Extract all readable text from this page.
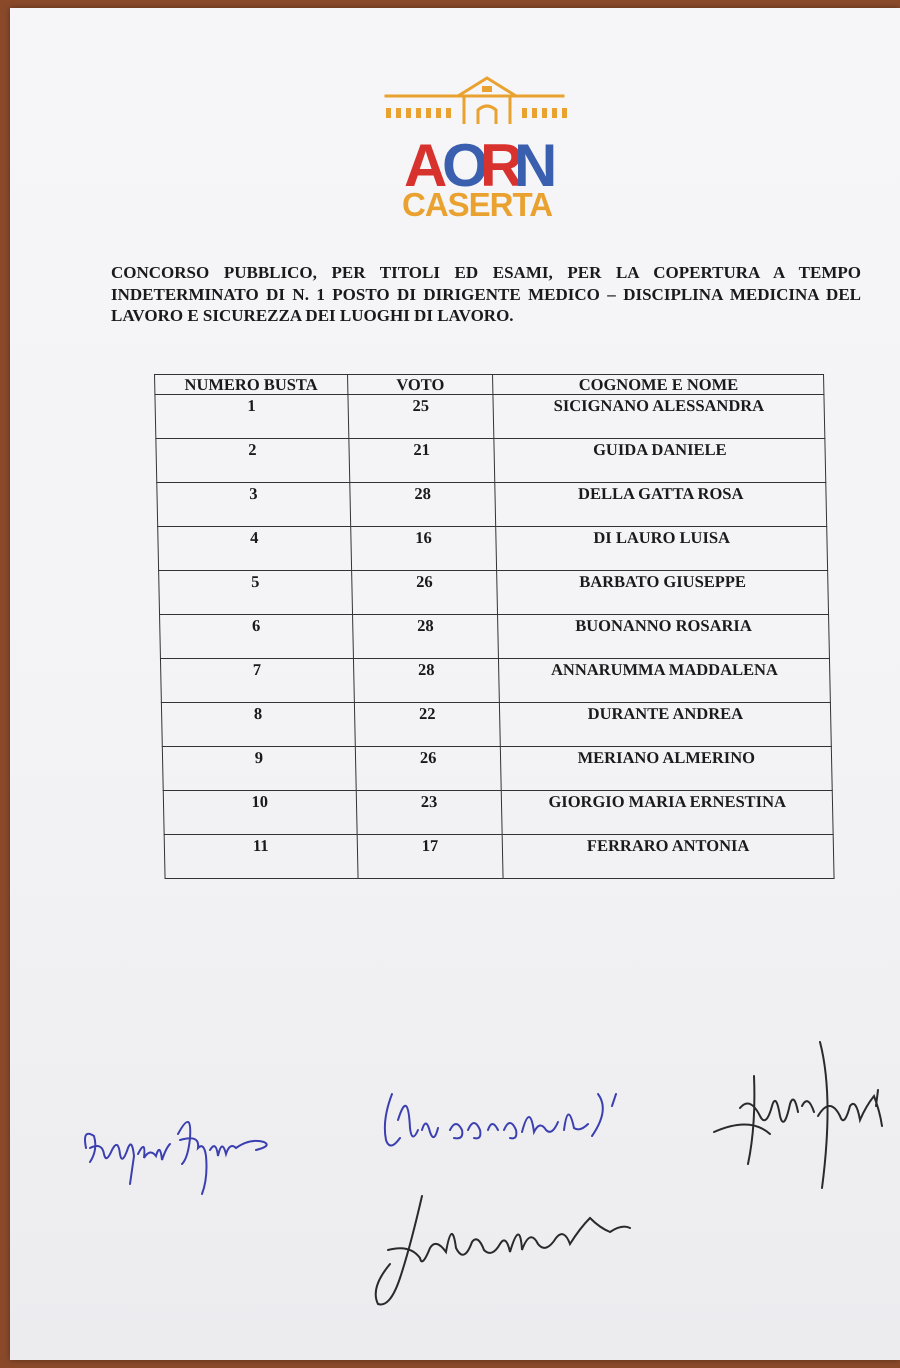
A
O
R
N
CASERTA

CONCORSO PUBBLICO, PER TITOLI ED ESAMI, PER LA COPERTURA A TEMPO INDETERMINATO DI N. 1 POSTO DI DIRIGENTE MEDICO – DISCIPLINA MEDICINA DEL LAVORO E SICUREZZA DEI LUOGHI DI LAVORO.

NUMERO BUSTA	VOTO	COGNOME E NOME
1	25	SICIGNANO ALESSANDRA
2	21	GUIDA DANIELE
3	28	DELLA GATTA ROSA
4	16	DI LAURO LUISA
5	26	BARBATO GIUSEPPE
6	28	BUONANNO ROSARIA
7	28	ANNARUMMA MADDALENA
8	22	DURANTE ANDREA
9	26	MERIANO ALMERINO
10	23	GIORGIO MARIA ERNESTINA
11	17	FERRARO ANTONIA
